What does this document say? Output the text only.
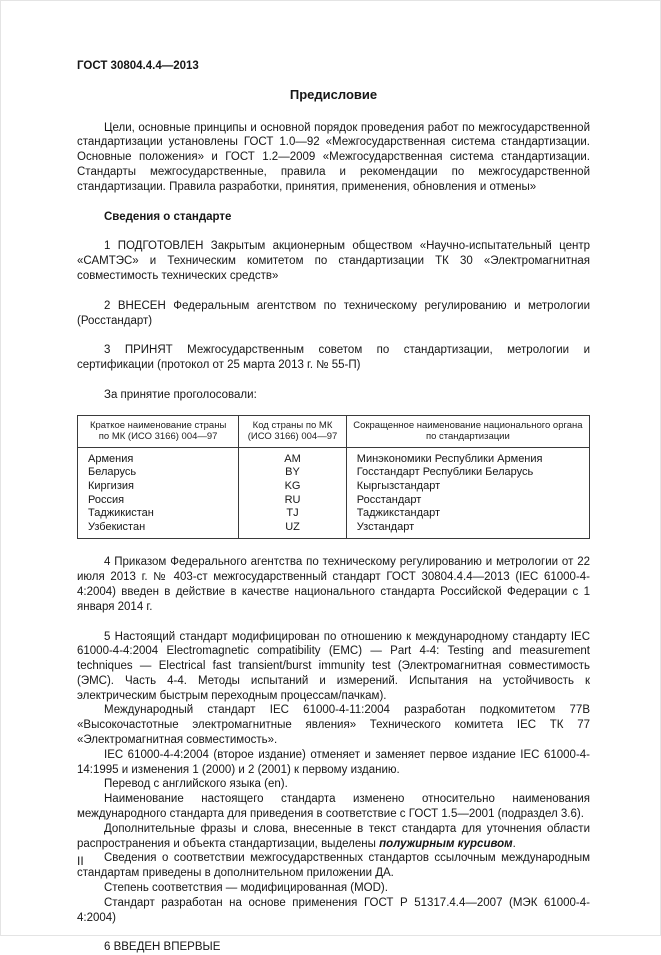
ГОСТ 30804.4.4—2013
Предисловие

Цели, основные принципы и основной порядок проведения работ по межгосударственной стандартизации установлены ГОСТ 1.0—92 «Межгосударственная система стандартизации. Основные положения» и ГОСТ 1.2—2009 «Межгосударственная система стандартизации. Стандарты межгосударственные, правила и рекомендации по межгосударственной стандартизации. Правила разработки, принятия, применения, обновления и отмены»

Сведения о стандарте

1 ПОДГОТОВЛЕН Закрытым акционерным обществом «Научно-испытательный центр «САМТЭС» и Техническим комитетом по стандартизации ТК 30 «Электромагнитная совместимость технических средств»

2 ВНЕСЕН Федеральным агентством по техническому регулированию и метрологии (Росстандарт)

3 ПРИНЯТ Межгосударственным советом по стандартизации, метрологии и сертификации (протокол от 25 марта 2013 г. № 55-П)

За принятие проголосовали:

Краткое наименование страны по МК (ИСО 3166) 004—97	Код страны по МК (ИСО 3166) 004—97	Сокращенное наименование национального органа по стандартизации
Армения	AM	Минэкономики Республики Армения
Беларусь	BY	Госстандарт Республики Беларусь
Киргизия	KG	Кыргызстандарт
Россия	RU	Росстандарт
Таджикистан	TJ	Таджикстандарт
Узбекистан	UZ	Узстандарт

4 Приказом Федерального агентства по техническому регулированию и метрологии от 22 июля 2013 г. № 403-ст межгосударственный стандарт ГОСТ 30804.4.4—2013 (IEC 61000-4-4:2004) введен в действие в качестве национального стандарта Российской Федерации с 1 января 2014 г.

5 Настоящий стандарт модифицирован по отношению к международному стандарту IEC 61000-4-4:2004 Electromagnetic compatibility (EMC) — Part 4-4: Testing and measurement techniques — Electrical fast transient/burst immunity test (Электромагнитная совместимость (ЭМС). Часть 4-4. Методы испытаний и измерений. Испытания на устойчивость к электрическим быстрым переходным процессам/пачкам).

Международный стандарт IEC 61000-4-11:2004 разработан подкомитетом 77B «Высокочастотные электромагнитные явления» Технического комитета IEC ТК 77 «Электромагнитная совместимость».

IEC 61000-4-4:2004 (второе издание) отменяет и заменяет первое издание IEC 61000-4-14:1995 и изменения 1 (2000) и 2 (2001) к первому изданию.

Перевод с английского языка (en).

Наименование настоящего стандарта изменено относительно наименования международного стандарта для приведения в соответствие с ГОСТ 1.5—2001 (подраздел 3.6).

Дополнительные фразы и слова, внесенные в текст стандарта для уточнения области распространения и объекта стандартизации, выделены полужирным курсивом.

Сведения о соответствии межгосударственных стандартов ссылочным международным стандартам приведены в дополнительном приложении ДА.

Степень соответствия — модифицированная (MOD).

Стандарт разработан на основе применения ГОСТ Р 51317.4.4—2007 (МЭК 61000-4-4:2004)

6 ВВЕДЕН ВПЕРВЫЕ

II
